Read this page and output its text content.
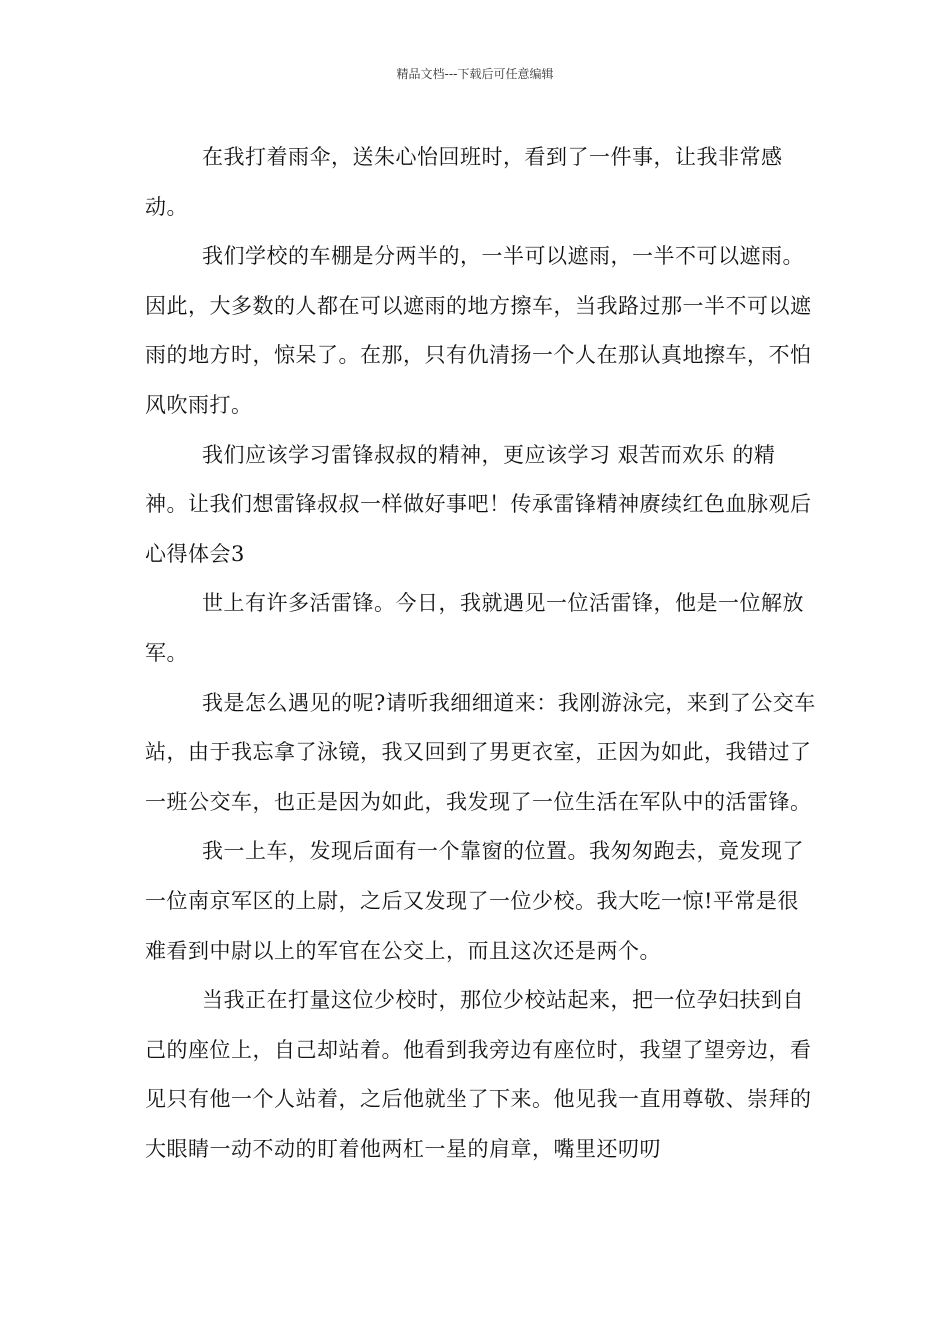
精品文档---下载后可任意编辑

在我打着雨伞，送朱心怡回班时，看到了一件事，让我非常感动。

我们学校的车棚是分两半的，一半可以遮雨，一半不可以遮雨。因此，大多数的人都在可以遮雨的地方擦车，当我路过那一半不可以遮雨的地方时，惊呆了。在那，只有仇清扬一个人在那认真地擦车，不怕风吹雨打。

我们应该学习雷锋叔叔的精神，更应该学习 艰苦而欢乐 的精神。让我们想雷锋叔叔一样做好事吧！传承雷锋精神赓续红色血脉观后心得体会3

世上有许多活雷锋。今日，我就遇见一位活雷锋，他是一位解放军。

我是怎么遇见的呢?请听我细细道来：我刚游泳完，来到了公交车站，由于我忘拿了泳镜，我又回到了男更衣室，正因为如此，我错过了一班公交车，也正是因为如此，我发现了一位生活在军队中的活雷锋。

我一上车，发现后面有一个靠窗的位置。我匆匆跑去，竟发现了一位南京军区的上尉，之后又发现了一位少校。我大吃一惊!平常是很难看到中尉以上的军官在公交上，而且这次还是两个。

当我正在打量这位少校时，那位少校站起来，把一位孕妇扶到自己的座位上，自己却站着。他看到我旁边有座位时，我望了望旁边，看见只有他一个人站着，之后他就坐了下来。他见我一直用尊敬、崇拜的大眼睛一动不动的盯着他两杠一星的肩章，嘴里还叨叨
